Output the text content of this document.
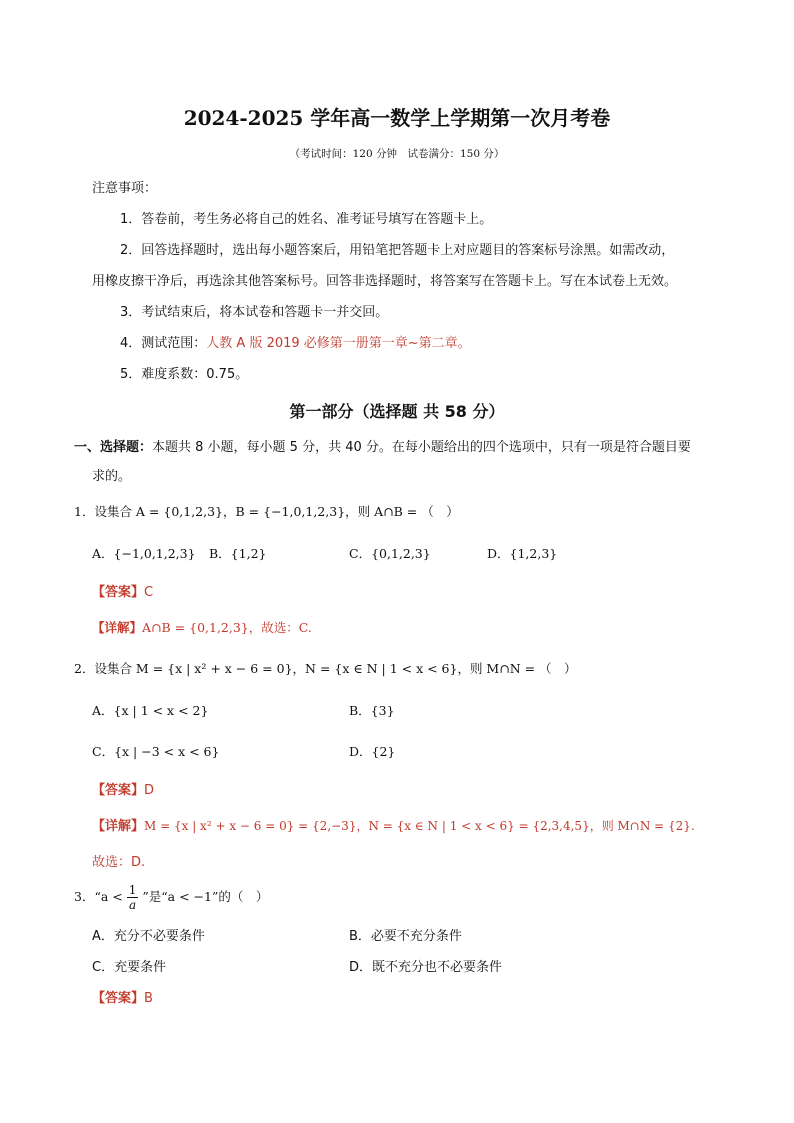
2024-2025 学年高一数学上学期第一次月考卷
（考试时间：120 分钟　试卷满分：150 分）
注意事项：
1．答卷前，考生务必将自己的姓名、准考证号填写在答题卡上。
2．回答选择题时，选出每小题答案后，用铅笔把答题卡上对应题目的答案标号涂黑。如需改动，
用橡皮擦干净后，再选涂其他答案标号。回答非选择题时，将答案写在答题卡上。写在本试卷上无效。
3．考试结束后，将本试卷和答题卡一并交回。
4．测试范围：人教 A 版 2019 必修第一册第一章~第二章。
5．难度系数：0.75。
第一部分（选择题 共 58 分）
一、选择题：本题共 8 小题，每小题 5 分，共 40 分。在每小题给出的四个选项中，只有一项是符合题目要
求的。
1．设集合 A = {0,1,2,3}，B = {−1,0,1,2,3}，则 A∩B = （　）
A．{−1,0,1,2,3} B．{1,2}	C．{0,1,2,3}	D．{1,2,3}
【答案】C
【详解】A∩B = {0,1,2,3}，故选：C.
2．设集合 M = {x | x² + x − 6 = 0}，N = {x ∈ N | 1 < x < 6}，则 M∩N = （　）
A．{x | 1 < x < 2}	B．{3}
C．{x | −3 < x < 6}	D．{2}
【答案】D
【详解】M = {x | x² + x − 6 = 0} = {2,−3}，N = {x ∈ N | 1 < x < 6} = {2,3,4,5}，则 M∩N = {2}.
故选：D.
3．“$a < \frac{1}{a}$ ”是“a < −1”的（　）
A．充分不必要条件	B．必要不充分条件
C．充要条件	D．既不充分也不必要条件
【答案】B
